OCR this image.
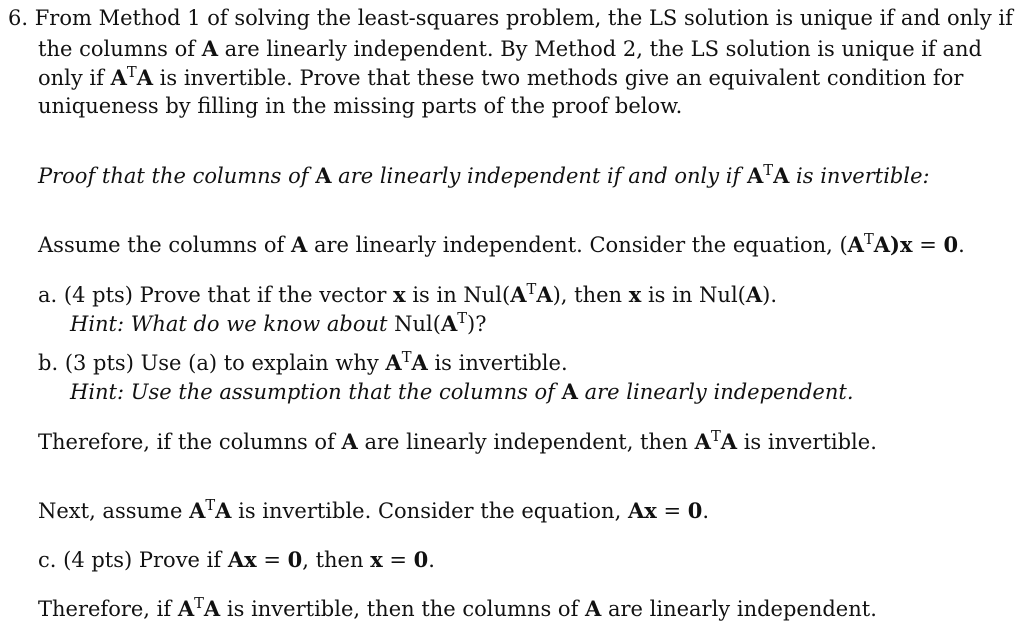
6. From Method 1 of solving the least-squares problem, the LS solution is unique if and only if
the columns of A are linearly independent. By Method 2, the LS solution is unique if and
only if $A^TA$ is invertible. Prove that these two methods give an equivalent condition for
uniqueness by filling in the missing parts of the proof below.
Proof that the columns of A are linearly independent if and only if $A^TA$ is invertible:
Assume the columns of A are linearly independent. Consider the equation, $(A^TA)x = 0$.
a. (4 pts) Prove that if the vector x is in $Nul(A^TA)$, then x is in Nul(A).
Hint: What do we know about $Nul(A^T)$?
b. (3 pts) Use (a) to explain why $A^TA$ is invertible.
Hint: Use the assumption that the columns of A are linearly independent.
Therefore, if the columns of A are linearly independent, then $A^TA$ is invertible.
Next, assume $A^TA$ is invertible. Consider the equation, Ax = 0.
c. (4 pts) Prove if Ax = 0, then x = 0.
Therefore, if $A^TA$ is invertible, then the columns of A are linearly independent.
